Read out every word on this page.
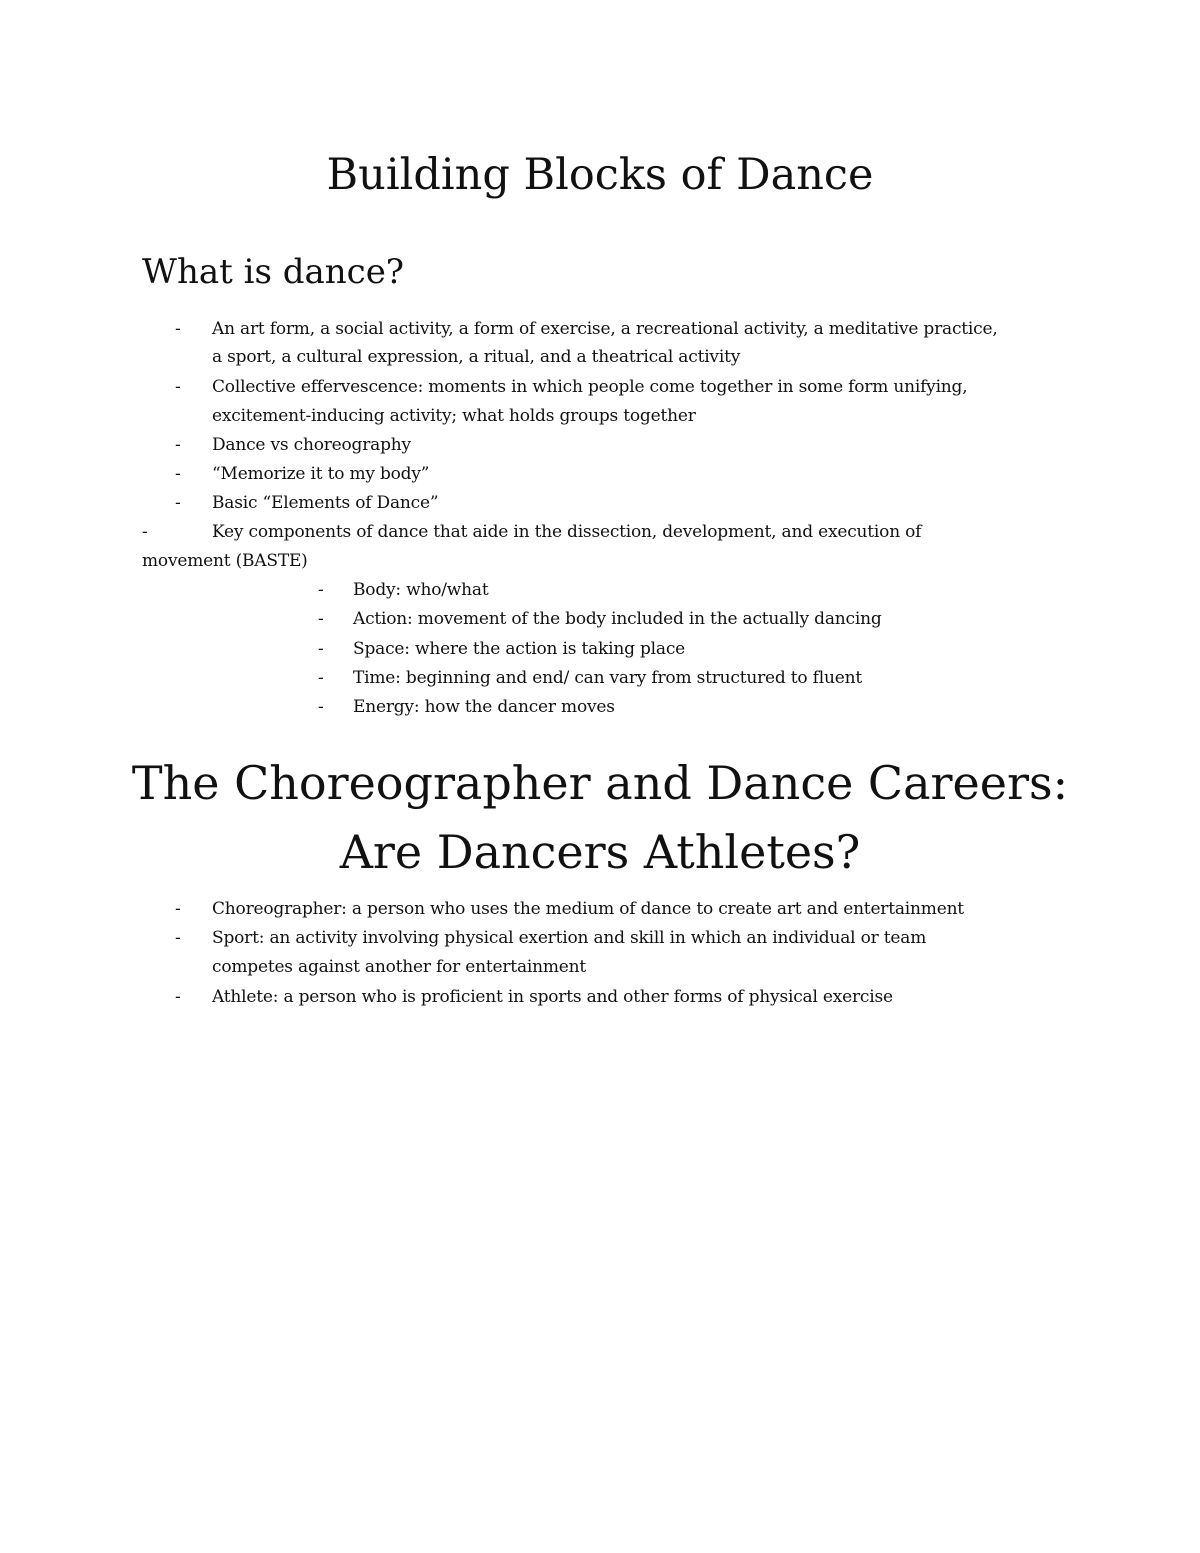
Building Blocks of Dance
What is dance?
- An art form, a social activity, a form of exercise, a recreational activity, a meditative practice,
a sport, a cultural expression, a ritual, and a theatrical activity
- Collective effervescence: moments in which people come together in some form unifying,
excitement-inducing activity; what holds groups together
- Dance vs choreography
- “Memorize it to my body”
- Basic “Elements of Dance”
-	Key components of dance that aide in the dissection, development, and execution of
movement (BASTE)
- Body: who/what
- Action: movement of the body included in the actually dancing
- Space: where the action is taking place
- Time: beginning and end/ can vary from structured to fluent
- Energy: how the dancer moves
The Choreographer and Dance Careers:
Are Dancers Athletes?
- Choreographer: a person who uses the medium of dance to create art and entertainment
- Sport: an activity involving physical exertion and skill in which an individual or team
competes against another for entertainment
- Athlete: a person who is proficient in sports and other forms of physical exercise
